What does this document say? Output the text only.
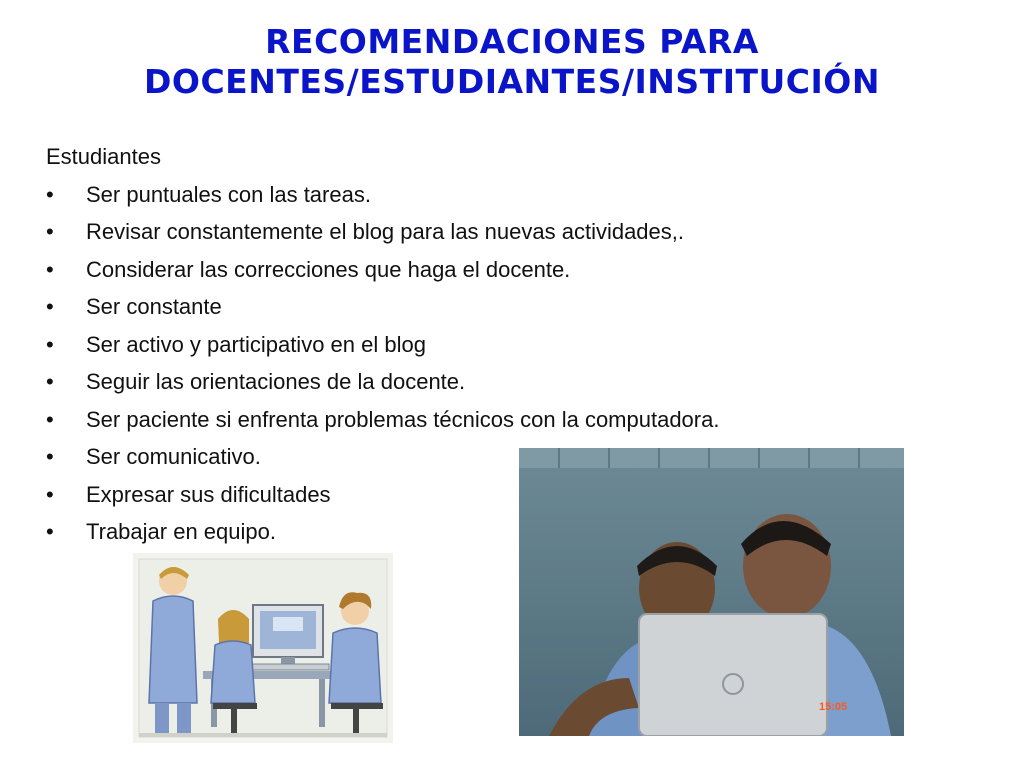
RECOMENDACIONES PARA
DOCENTES/ESTUDIANTES/INSTITUCIÓN
Estudiantes
• Ser puntuales con las tareas.
• Revisar constantemente el blog para las nuevas actividades,.
• Considerar las correcciones que haga el docente.
• Ser constante
• Ser activo y participativo en el blog
• Seguir las orientaciones de la docente.
• Ser paciente si enfrenta problemas técnicos con la computadora.
• Ser comunicativo.
• Expresar sus dificultades
• Trabajar en equipo.
15:05
